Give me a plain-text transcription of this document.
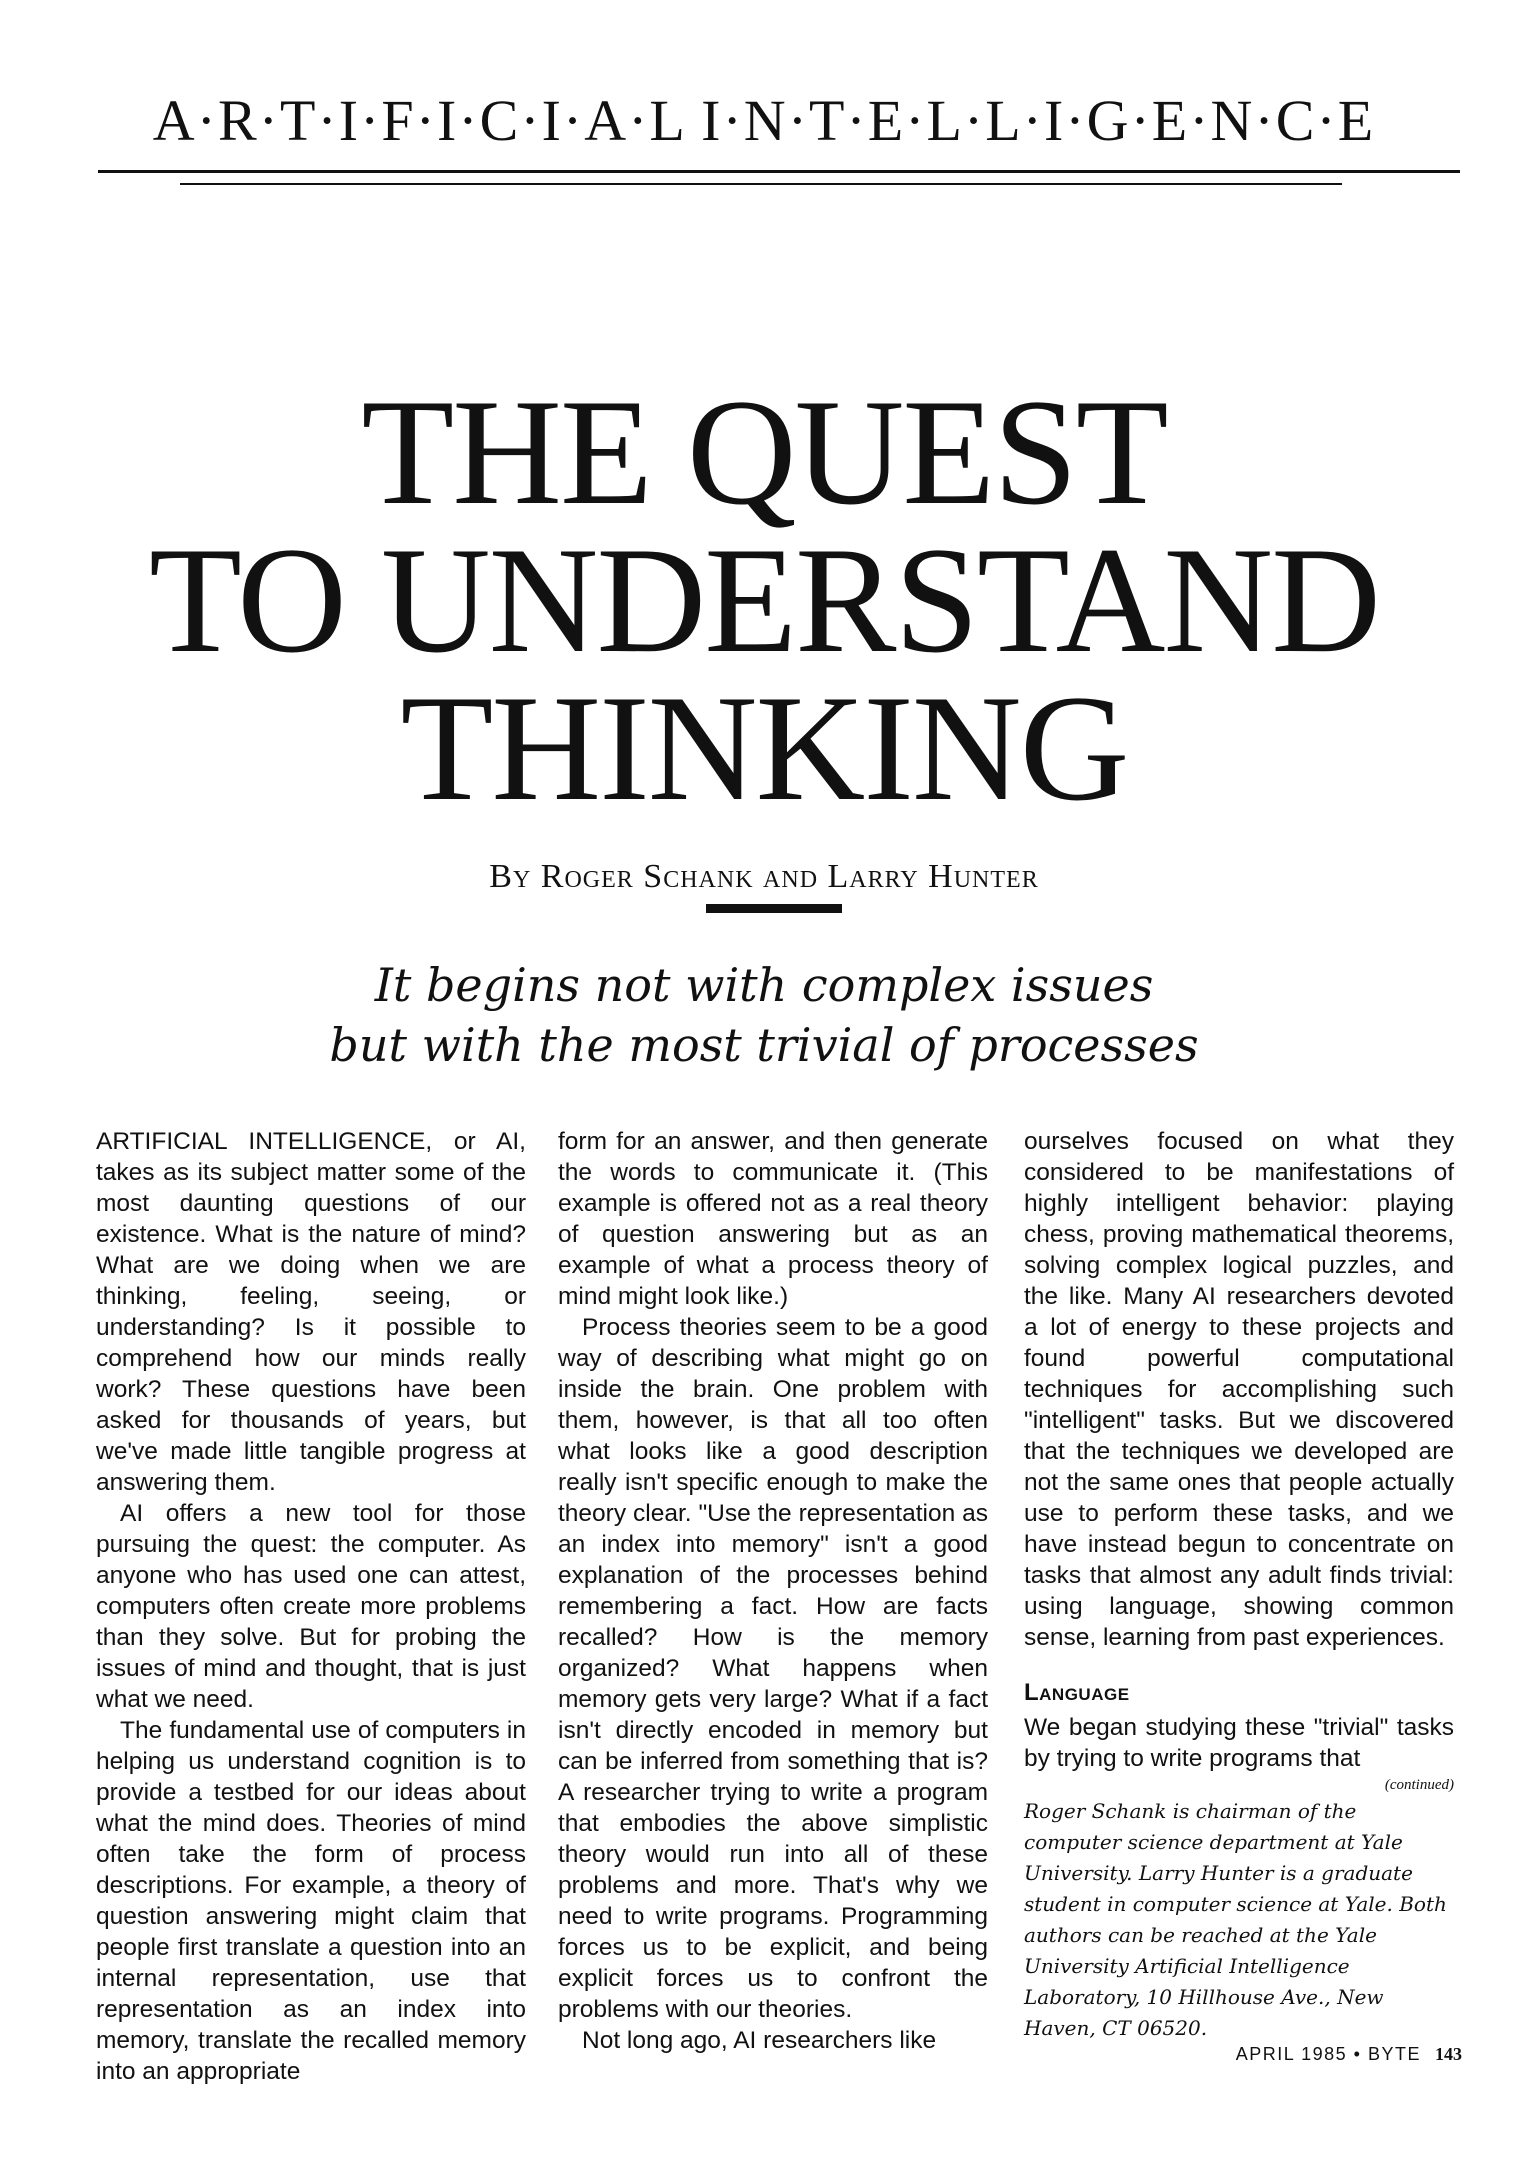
A·R·T·I·F·I·C·I·A·L I·N·T·E·L·L·I·G·E·N·C·E
THE QUEST
TO UNDERSTAND
THINKING
By Roger Schank and Larry Hunter
It begins not with complex issues
but with the most trivial of processes

ARTIFICIAL INTELLIGENCE, or AI, takes as its subject matter some of the most daunting questions of our existence. What is the nature of mind? What are we doing when we are thinking, feeling, seeing, or understanding? Is it possible to comprehend how our minds really work? These questions have been asked for thousands of years, but we've made little tangible progress at answering them.

AI offers a new tool for those pursuing the quest: the computer. As anyone who has used one can attest, computers often create more problems than they solve. But for probing the issues of mind and thought, that is just what we need.

The fundamental use of computers in helping us understand cognition is to provide a testbed for our ideas about what the mind does. Theories of mind often take the form of process descriptions. For example, a theory of question answering might claim that people first translate a question into an internal representation, use that representation as an index into memory, translate the recalled memory into an appropriate

form for an answer, and then generate the words to communicate it. (This example is offered not as a real theory of question answering but as an example of what a process theory of mind might look like.)

Process theories seem to be a good way of describing what might go on inside the brain. One problem with them, however, is that all too often what looks like a good description really isn't specific enough to make the theory clear. "Use the representation as an index into memory" isn't a good explanation of the processes behind remembering a fact. How are facts recalled? How is the memory organized? What happens when memory gets very large? What if a fact isn't directly encoded in memory but can be inferred from something that is? A researcher trying to write a program that embodies the above simplistic theory would run into all of these problems and more. That's why we need to write programs. Programming forces us to be explicit, and being explicit forces us to confront the problems with our theories.

Not long ago, AI researchers like

ourselves focused on what they considered to be manifestations of highly intelligent behavior: playing chess, proving mathematical theorems, solving complex logical puzzles, and the like. Many AI researchers devoted a lot of energy to these projects and found powerful computational techniques for accomplishing such "intelligent" tasks. But we discovered that the techniques we developed are not the same ones that people actually use to perform these tasks, and we have instead begun to concentrate on tasks that almost any adult finds trivial: using language, showing common sense, learning from past experiences.

Language

We began studying these "trivial" tasks by trying to write programs that

(continued)
Roger Schank is chairman of the computer science department at Yale University. Larry Hunter is a graduate student in computer science at Yale. Both authors can be reached at the Yale University Artificial Intelligence Laboratory, 10 Hillhouse Ave., New Haven, CT 06520.
APRIL 1985 • BYTE 143
